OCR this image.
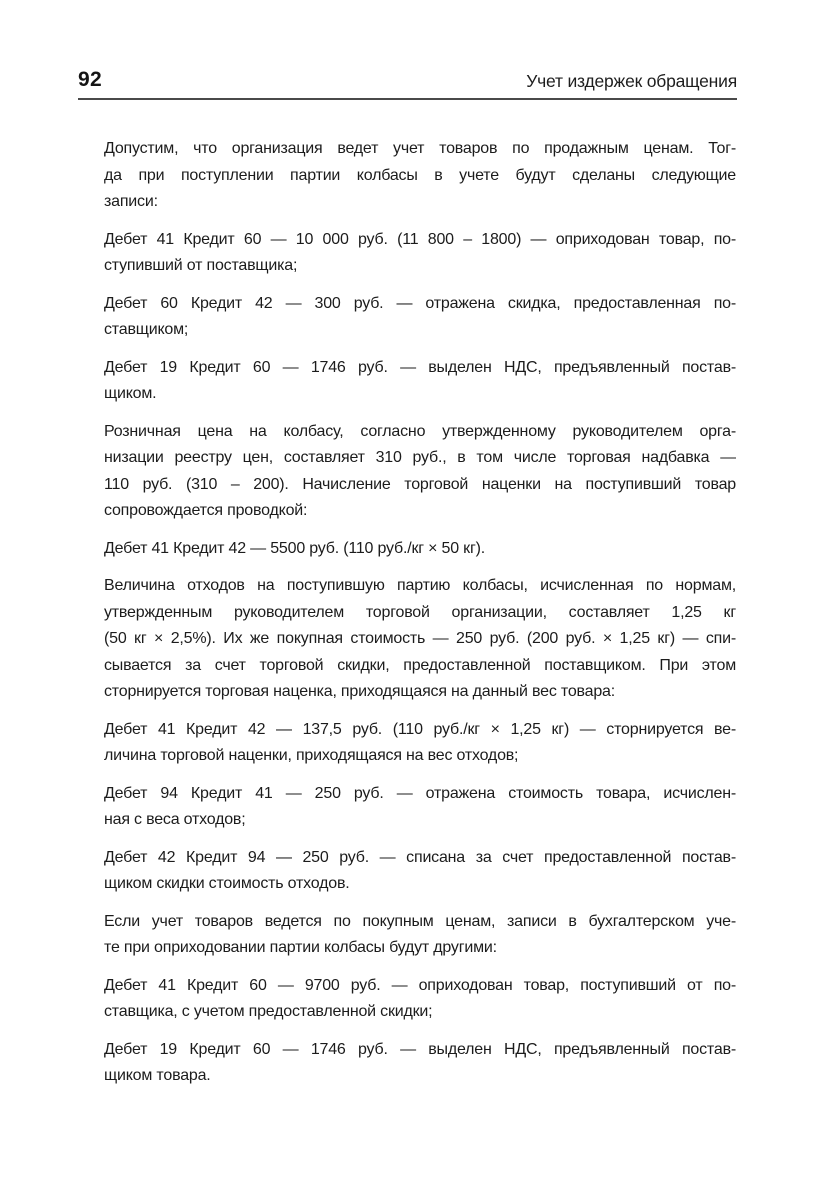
92	Учет издержек обращения
Допустим, что организация ведет учет товаров по продажным ценам. Тог-
да при поступлении партии колбасы в учете будут сделаны следующие
записи:
Дебет 41 Кредит 60 — 10 000 руб. (11 800 – 1800) — оприходован товар, по-
ступивший от поставщика;
Дебет 60 Кредит 42 — 300 руб. — отражена скидка, предоставленная по-
ставщиком;
Дебет 19 Кредит 60 — 1746 руб. — выделен НДС, предъявленный постав-
щиком.
Розничная цена на колбасу, согласно утвержденному руководителем орга-
низации реестру цен, составляет 310 руб., в том числе торговая надбавка —
110 руб. (310 – 200). Начисление торговой наценки на поступивший товар
сопровождается проводкой:
Дебет 41 Кредит 42 — 5500 руб. (110 руб./кг × 50 кг).
Величина отходов на поступившую партию колбасы, исчисленная по нормам,
утвержденным руководителем торговой организации, составляет 1,25 кг
(50 кг × 2,5%). Их же покупная стоимость — 250 руб. (200 руб. × 1,25 кг) — спи-
сывается за счет торговой скидки, предоставленной поставщиком. При этом
сторнируется торговая наценка, приходящаяся на данный вес товара:
Дебет 41 Кредит 42 — 137,5 руб. (110 руб./кг × 1,25 кг) — сторнируется ве-
личина торговой наценки, приходящаяся на вес отходов;
Дебет 94 Кредит 41 — 250 руб. — отражена стоимость товара, исчислен-
ная с веса отходов;
Дебет 42 Кредит 94 — 250 руб. — списана за счет предоставленной постав-
щиком скидки стоимость отходов.
Если учет товаров ведется по покупным ценам, записи в бухгалтерском уче-
те при оприходовании партии колбасы будут другими:
Дебет 41 Кредит 60 — 9700 руб. — оприходован товар, поступивший от по-
ставщика, с учетом предоставленной скидки;
Дебет 19 Кредит 60 — 1746 руб. — выделен НДС, предъявленный постав-
щиком товара.
